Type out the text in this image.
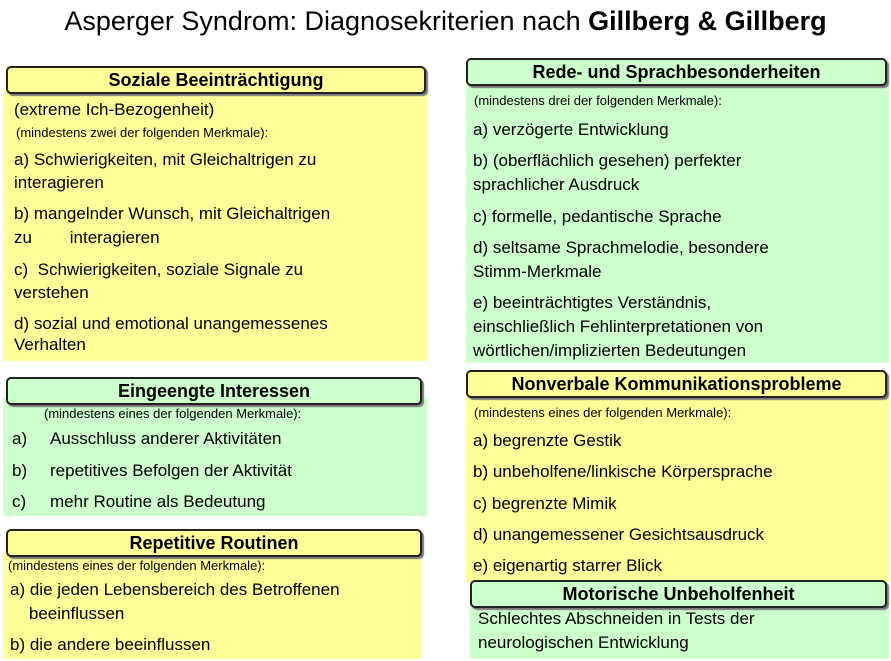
Asperger Syndrom: Diagnosekriterien nach Gillberg & Gillberg
Soziale Beeinträchtigung
(extreme Ich-Bezogenheit)
(mindestens zwei der folgenden Merkmale):
a) Schwierigkeiten, mit Gleichaltrigen zu
interagieren
b) mangelnder Wunsch, mit Gleichaltrigen
zu        interagieren
c)  Schwierigkeiten, soziale Signale zu
verstehen
d) sozial und emotional unangemessenes
Verhalten
Eingeengte Interessen
(mindestens eines der folgenden Merkmale):
a) Ausschluss anderer Aktivitäten
b) repetitives Befolgen der Aktivität
c) mehr Routine als Bedeutung
Repetitive Routinen
(mindestens eines der folgenden Merkmale):
a) die jeden Lebensbereich des Betroffenen
beeinflussen
b) die andere beeinflussen
Rede- und Sprachbesonderheiten
(mindestens drei der folgenden Merkmale):
a) verzögerte Entwicklung
b) (oberflächlich gesehen) perfekter
sprachlicher Ausdruck
c) formelle, pedantische Sprache
d) seltsame Sprachmelodie, besondere
Stimm-Merkmale
e) beeinträchtigtes Verständnis,
einschließlich Fehlinterpretationen von
wörtlichen/implizierten Bedeutungen
Nonverbale Kommunikationsprobleme
(mindestens eines der folgenden Merkmale):
a) begrenzte Gestik
b) unbeholfene/linkische Körpersprache
c) begrenzte Mimik
d) unangemessener Gesichtsausdruck
e) eigenartig starrer Blick
Motorische Unbeholfenheit
Schlechtes Abschneiden in Tests der
neurologischen Entwicklung
